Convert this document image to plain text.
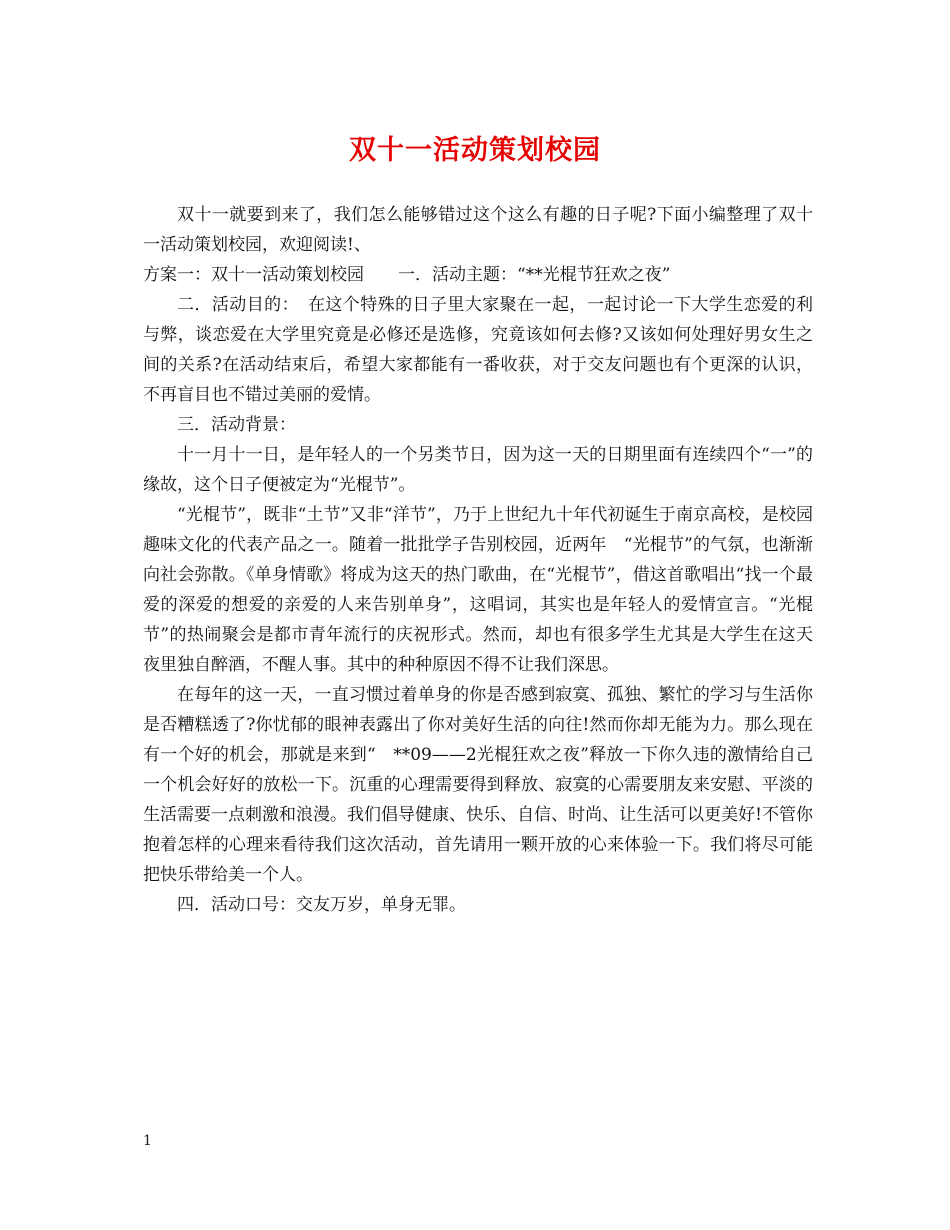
双十一活动策划校园

双十一就要到来了，我们怎么能够错过这个这么有趣的日子呢?下面小编整理了双十一活动策划校园，欢迎阅读!、

方案一：双十一活动策划校园　　一．活动主题：“**光棍节狂欢之夜”

二．活动目的：　在这个特殊的日子里大家聚在一起，一起讨论一下大学生恋爱的利与弊，谈恋爱在大学里究竟是必修还是选修，究竟该如何去修?又该如何处理好男女生之间的关系?在活动结束后，希望大家都能有一番收获，对于交友问题也有个更深的认识，不再盲目也不错过美丽的爱情。

三．活动背景：

十一月十一日，是年轻人的一个另类节日，因为这一天的日期里面有连续四个“一”的缘故，这个日子便被定为“光棍节”。

“光棍节”，既非“土节”又非“洋节”，乃于上世纪九十年代初诞生于南京高校，是校园趣味文化的代表产品之一。随着一批批学子告别校园，近两年　“光棍节”的气氛，也渐渐向社会弥散。《单身情歌》将成为这天的热门歌曲，在“光棍节”，借这首歌唱出“找一个最爱的深爱的想爱的亲爱的人来告别单身”，这唱词，其实也是年轻人的爱情宣言。“光棍节”的热闹聚会是都市青年流行的庆祝形式。然而，却也有很多学生尤其是大学生在这天夜里独自醉酒，不醒人事。其中的种种原因不得不让我们深思。

在每年的这一天，一直习惯过着单身的你是否感到寂寞、孤独、繁忙的学习与生活你是否糟糕透了?你忧郁的眼神表露出了你对美好生活的向往!然而你却无能为力。那么现在有一个好的机会，那就是来到“　**09——2光棍狂欢之夜”释放一下你久违的激情给自己一个机会好好的放松一下。沉重的心理需要得到释放、寂寞的心需要朋友来安慰、平淡的生活需要一点刺激和浪漫。我们倡导健康、快乐、自信、时尚、让生活可以更美好!不管你抱着怎样的心理来看待我们这次活动，首先请用一颗开放的心来体验一下。我们将尽可能把快乐带给美一个人。

四．活动口号：交友万岁，单身无罪。

1
